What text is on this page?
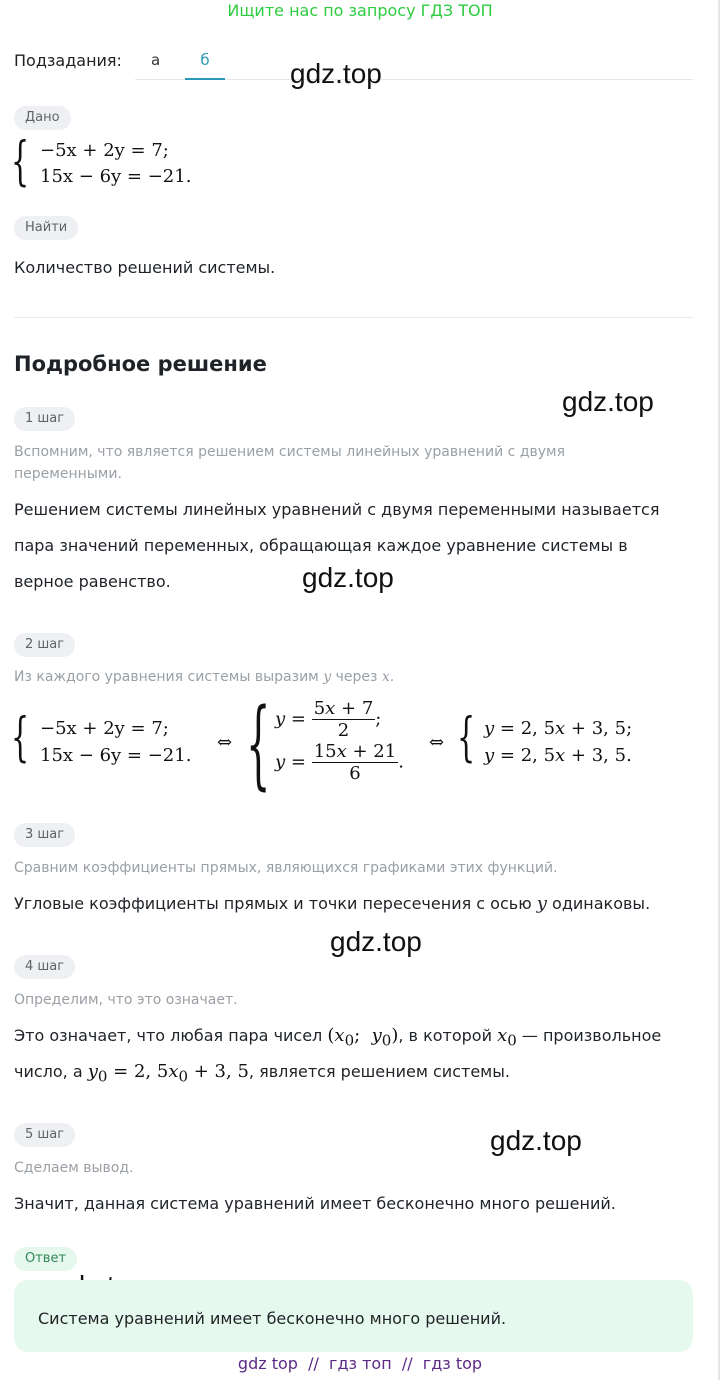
Ищите нас по запросу ГДЗ ТОП
Подзадания: а	б	gdz.top
gdz.top
gdz.top
gdz.top
gdz.top
Дано
{ −5x + 2y = 7;
15x − 6y = −21.
Найти
Количество решений системы.
Подробное решение
1 шаг
Вспомним, что является решением системы линейных уравнений с двумя переменными.
Решением системы линейных уравнений с двумя переменными называется пара значений переменных, обращающая каждое уравнение системы в верное равенство.
2 шаг
Из каждого уравнения системы выразим y через x.
{ −5x + 2y = 7;
15x − 6y = −21.
⇔ { $y = \frac{5x + 7}{2}$ ;
$y = \frac{15x + 21}{6}$ .
⇔ { y = 2, 5x + 3, 5;
y = 2, 5x + 3, 5.
3 шаг
Сравним коэффициенты прямых, являющихся графиками этих функций.
Угловые коэффициенты прямых и точки пересечения с осью y одинаковы.
4 шаг
Определим, что это означает.
Это означает, что любая пара чисел ($x_0$;  $y_0$), в которой $x_0$ — произвольное
число, а $y_0 = 2$, $5x_0 + 3$, 5, является решением системы.
5 шаг
Сделаем вывод.
Значит, данная система уравнений имеет бесконечно много решений.
Ответ
Система уравнений имеет бесконечно много решений.
gdz top  //  гдз топ  //  гдз top
